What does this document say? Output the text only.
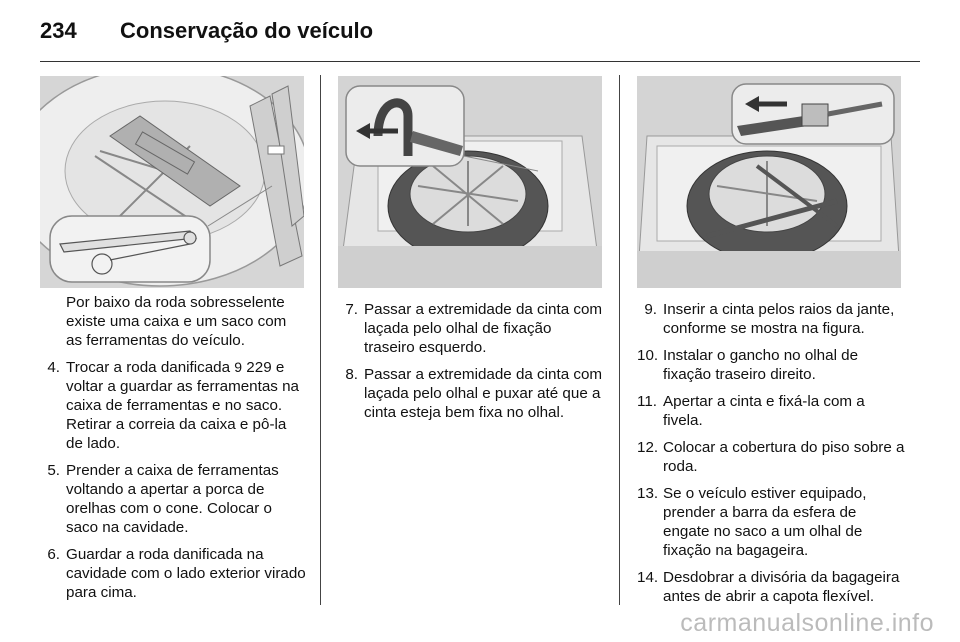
234 Conservação do veículo
Por baixo da roda sobresselente existe uma caixa e um saco com as ferramentas do veículo.
4. Trocar a roda danificada 9 229 e voltar a guardar as ferramentas na caixa de ferramentas e no saco. Retirar a correia da caixa e pô-la de lado.
5. Prender a caixa de ferramentas voltando a apertar a porca de orelhas com o cone. Colocar o saco na cavidade.
6. Guardar a roda danificada na cavidade com o lado exterior virado para cima.
7. Passar a extremidade da cinta com laçada pelo olhal de fixação traseiro esquerdo.
8. Passar a extremidade da cinta com laçada pelo olhal e puxar até que a cinta esteja bem fixa no olhal.
9. Inserir a cinta pelos raios da jante, conforme se mostra na figura.
10. Instalar o gancho no olhal de fixação traseiro direito.
11. Apertar a cinta e fixá-la com a fivela.
12. Colocar a cobertura do piso sobre a roda.
13. Se o veículo estiver equipado, prender a barra da esfera de engate no saco a um olhal de fixação na bagageira.
14. Desdobrar a divisória da bagageira antes de abrir a capota flexível.
carmanualsonline.info
